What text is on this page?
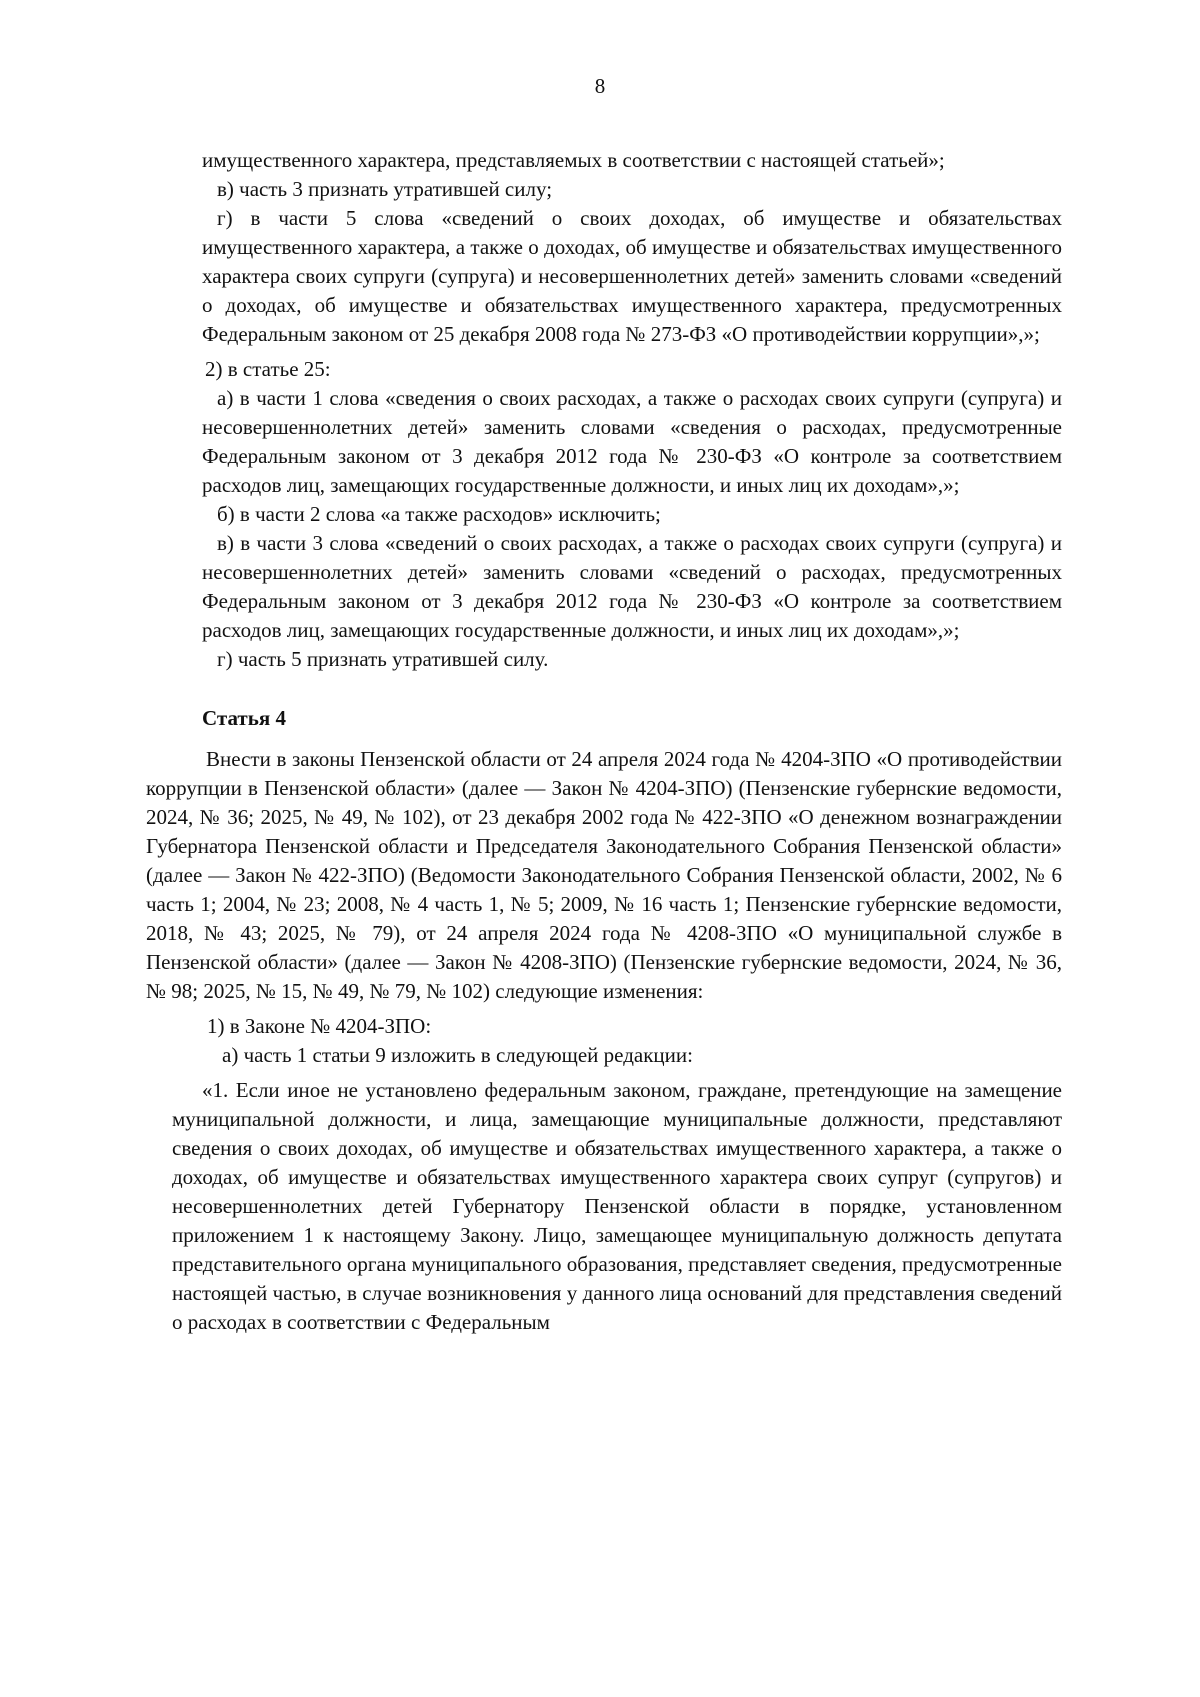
8

имущественного характера, представляемых в соответствии с настоящей статьей»;

в) часть 3 признать утратившей силу;

г) в части 5 слова «сведений о своих доходах, об имуществе и обязательствах имущественного характера, а также о доходах, об имуществе и обязательствах имущественного характера своих супруги (супруга) и несовершеннолетних детей» заменить словами «сведений о доходах, об имуществе и обязательствах имущественного характера, предусмотренных Федеральным законом от 25 декабря 2008 года № 273-ФЗ «О противодействии коррупции»,»;

2) в статье 25:

а) в части 1 слова «сведения о своих расходах, а также о расходах своих супруги (супруга) и несовершеннолетних детей» заменить словами «сведения о расходах, предусмотренные Федеральным законом от 3 декабря 2012 года № 230-ФЗ «О контроле за соответствием расходов лиц, замещающих государственные должности, и иных лиц их доходам»,»;

б) в части 2 слова «а также расходов» исключить;

в) в части 3 слова «сведений о своих расходах, а также о расходах своих супруги (супруга) и несовершеннолетних детей» заменить словами «сведений о расходах, предусмотренных Федеральным законом от 3 декабря 2012 года № 230-ФЗ «О контроле за соответствием расходов лиц, замещающих государственные должности, и иных лиц их доходам»,»;

г) часть 5 признать утратившей силу.

Статья 4

Внести в законы Пензенской области от 24 апреля 2024 года № 4204-ЗПО «О противодействии коррупции в Пензенской области» (далее — Закон № 4204-ЗПО) (Пензенские губернские ведомости, 2024, № 36; 2025, № 49, № 102), от 23 декабря 2002 года № 422-ЗПО «О денежном вознаграждении Губернатора Пензенской области и Председателя Законодательного Собрания Пензенской области» (далее — Закон № 422-ЗПО) (Ведомости Законодательного Собрания Пензенской области, 2002, № 6 часть 1; 2004, № 23; 2008, № 4 часть 1, № 5; 2009, № 16 часть 1; Пензенские губернские ведомости, 2018, № 43; 2025, № 79), от 24 апреля 2024 года № 4208-ЗПО «О муниципальной службе в Пензенской области» (далее — Закон № 4208-ЗПО) (Пензенские губернские ведомости, 2024, № 36, № 98; 2025, № 15, № 49, № 79, № 102) следующие изменения:

1) в Законе № 4204-ЗПО:

а) часть 1 статьи 9 изложить в следующей редакции:

«1. Если иное не установлено федеральным законом, граждане, претендующие на замещение муниципальной должности, и лица, замещающие муниципальные должности, представляют сведения о своих доходах, об имуществе и обязательствах имущественного характера, а также о доходах, об имуществе и обязательствах имущественного характера своих супруг (супругов) и несовершеннолетних детей Губернатору Пензенской области в порядке, установленном приложением 1 к настоящему Закону. Лицо, замещающее муниципальную должность депутата представительного органа муниципального образования, представляет сведения, предусмотренные настоящей частью, в случае возникновения у данного лица оснований для представления сведений о расходах в соответствии с Федеральным
